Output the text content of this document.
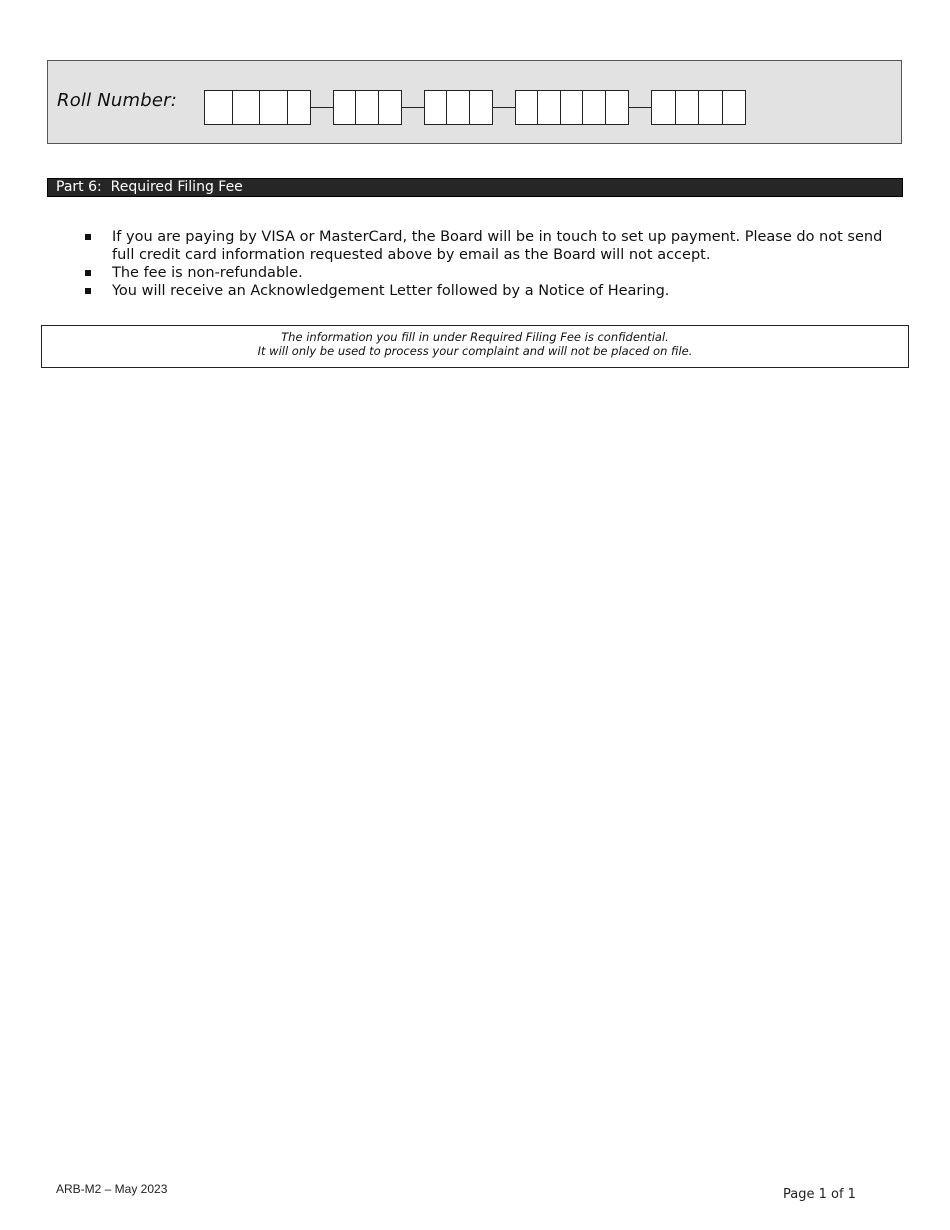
Roll Number:
Part 6:  Required Filing Fee
If you are paying by VISA or MasterCard, the Board will be in touch to set up payment. Please do not send full credit card information requested above by email as the Board will not accept.
The fee is non-refundable.
You will receive an Acknowledgement Letter followed by a Notice of Hearing.
The information you fill in under Required Filing Fee is confidential.
It will only be used to process your complaint and will not be placed on file.
ARB-M2 – May 2023	Page 1 of 1
